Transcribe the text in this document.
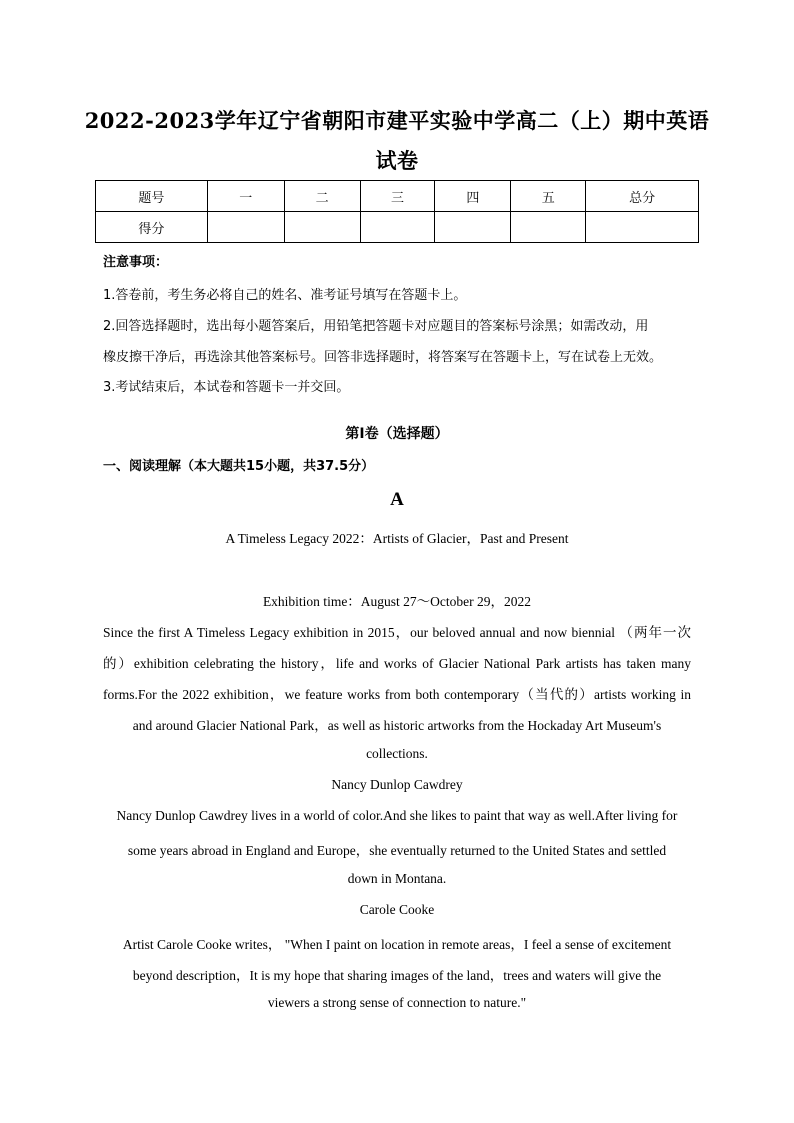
2022-2023学年辽宁省朝阳市建平实验中学高二（上）期中英语
试卷
题号	一	二	三	四	五	总分
得分						
注意事项：
1.答卷前，考生务必将自己的姓名、准考证号填写在答题卡上。
2.回答选择题时，选出每小题答案后，用铅笔把答题卡对应题目的答案标号涂黑；如需改动，用
橡皮擦干净后，再选涂其他答案标号。回答非选择题时，将答案写在答题卡上，写在试卷上无效。
3.考试结束后，本试卷和答题卡一并交回。
第Ⅰ卷（选择题）
一、阅读理解（本大题共15小题，共37.5分）
A
A Timeless Legacy 2022：Artists of Glacier，Past and Present
Exhibition time：August 27～October 29，2022
Since the first A Timeless Legacy exhibition in 2015，our beloved annual and now biennial （两年一次
的）exhibition celebrating the history，life and works of Glacier National Park artists has taken many
forms.For the 2022 exhibition，we feature works from both contemporary（当代的）artists working in
and around Glacier National Park，as well as historic artworks from the Hockaday Art Museum's
collections.
Nancy Dunlop Cawdrey
Nancy Dunlop Cawdrey lives in a world of color.And she likes to paint that way as well.After living for
some years abroad in England and Europe，she eventually returned to the United States and settled
down in Montana.
Carole Cooke
Artist Carole Cooke writes， "When I paint on location in remote areas，I feel a sense of excitement
beyond description，It is my hope that sharing images of the land，trees and waters will give the
viewers a strong sense of connection to nature."
